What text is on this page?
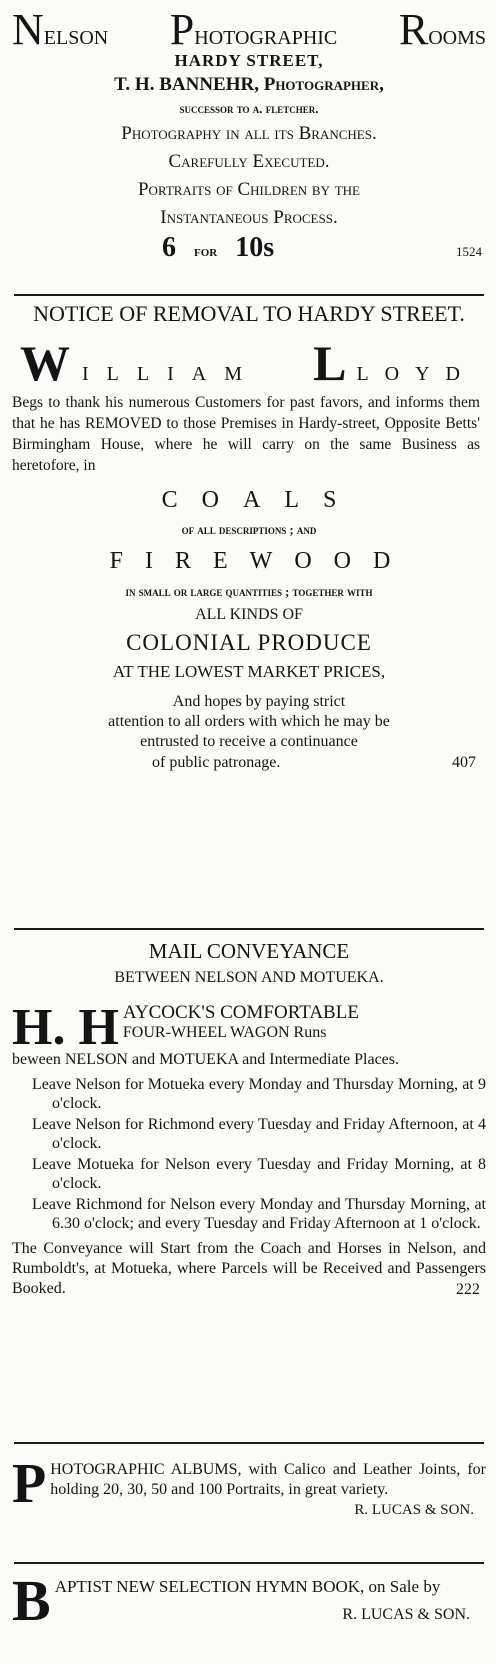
NELSON PHOTOGRAPHIC ROOMS

HARDY STREET,

T. H. BANNEHR, Photographer,

successor to a. fletcher.

Photography in all its Branches.

Carefully Executed.

Portraits of Children by the

Instantaneous Process.

6 for 10s	1524

NOTICE OF REMOVAL TO HARDY STREET.

WILLIAM LLOYD

Begs to thank his numerous Customers for past favors, and informs them that he has REMOVED to those Premises in Hardy-street, Opposite Betts' Birmingham House, where he will carry on the same Business as heretofore, in

COALS

of all descriptions ; and

FIREWOOD

in small or large quantities ; together with

ALL KINDS OF

COLONIAL PRODUCE

AT THE LOWEST MARKET PRICES,

And hopes by paying strict

attention to all orders with which he may be

entrusted to receive a continuance

of public patronage.	407

MAIL CONVEYANCE

BETWEEN NELSON AND MOTUEKA.

H. H AYCOCK'S COMFORTABLE

FOUR-WHEEL WAGON Runs

beween NELSON and MOTUEKA and Intermediate Places.

Leave Nelson for Motueka every Monday and Thursday Morning, at 9 o'clock.

Leave Nelson for Richmond every Tuesday and Friday Afternoon, at 4 o'clock.

Leave Motueka for Nelson every Tuesday and Friday Morning, at 8 o'clock.

Leave Richmond for Nelson every Monday and Thursday Morning, at 6.30 o'clock; and every Tuesday and Friday Afternoon at 1 o'clock.

The Conveyance will Start from the Coach and Horses in Nelson, and Rumboldt's, at Motueka, where Parcels will be Received and Passengers Booked.	222

P HOTOGRAPHIC ALBUMS, with Calico and Leather Joints, for holding 20, 30, 50 and 100 Portraits, in great variety.

R. LUCAS & SON.

B APTIST NEW SELECTION HYMN BOOK, on Sale by

R. LUCAS & SON.
